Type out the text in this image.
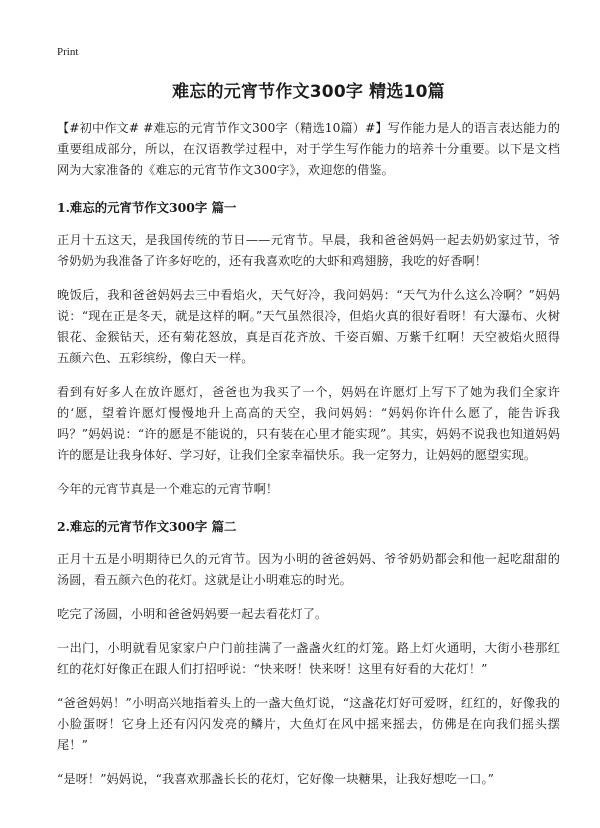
Print
难忘的元宵节作文300字 精选10篇

【#初中作文# #难忘的元宵节作文300字（精选10篇）#】写作能力是人的语言表达能力的重要组成部分，所以，在汉语教学过程中，对于学生写作能力的培养十分重要。以下是文档网为大家准备的《难忘的元宵节作文300字》，欢迎您的借鉴。

1.难忘的元宵节作文300字 篇一

正月十五这天，是我国传统的节日——元宵节。早晨，我和爸爸妈妈一起去奶奶家过节，爷爷奶奶为我准备了许多好吃的，还有我喜欢吃的大虾和鸡翅膀，我吃的好香啊！

晚饭后，我和爸爸妈妈去三中看焰火，天气好冷，我问妈妈：“天气为什么这么冷啊？”妈妈说：“现在正是冬天，就是这样的啊。”天气虽然很冷，但焰火真的很好看呀！有大瀑布、火树银花、金猴钻天，还有菊花怒放，真是百花齐放、千姿百媚、万紫千红啊！天空被焰火照得五颜六色、五彩缤纷，像白天一样。

看到有好多人在放许愿灯，爸爸也为我买了一个，妈妈在许愿灯上写下了她为我们全家许的‘愿，望着许愿灯慢慢地升上高高的天空，我问妈妈：“妈妈你许什么愿了，能告诉我吗？”妈妈说：“许的愿是不能说的，只有装在心里才能实现”。其实，妈妈不说我也知道妈妈许的愿是让我身体好、学习好，让我们全家幸福快乐。我一定努力，让妈妈的愿望实现。

今年的元宵节真是一个难忘的元宵节啊！

2.难忘的元宵节作文300字 篇二

正月十五是小明期待已久的元宵节。因为小明的爸爸妈妈、爷爷奶奶都会和他一起吃甜甜的汤圆，看五颜六色的花灯。这就是让小明难忘的时光。

吃完了汤圆，小明和爸爸妈妈要一起去看花灯了。

一出门，小明就看见家家户户门前挂满了一盏盏火红的灯笼。路上灯火通明，大街小巷那红红的花灯好像正在跟人们打招呼说：“快来呀！快来呀！这里有好看的大花灯！”

“爸爸妈妈！”小明高兴地指着头上的一盏大鱼灯说，“这盏花灯好可爱呀，红红的，好像我的小脸蛋呀！它身上还有闪闪发亮的鳞片，大鱼灯在风中摇来摇去，仿佛是在向我们摇头摆尾！”

“是呀！”妈妈说，“我喜欢那盏长长的花灯，它好像一块糖果，让我好想吃一口。”
